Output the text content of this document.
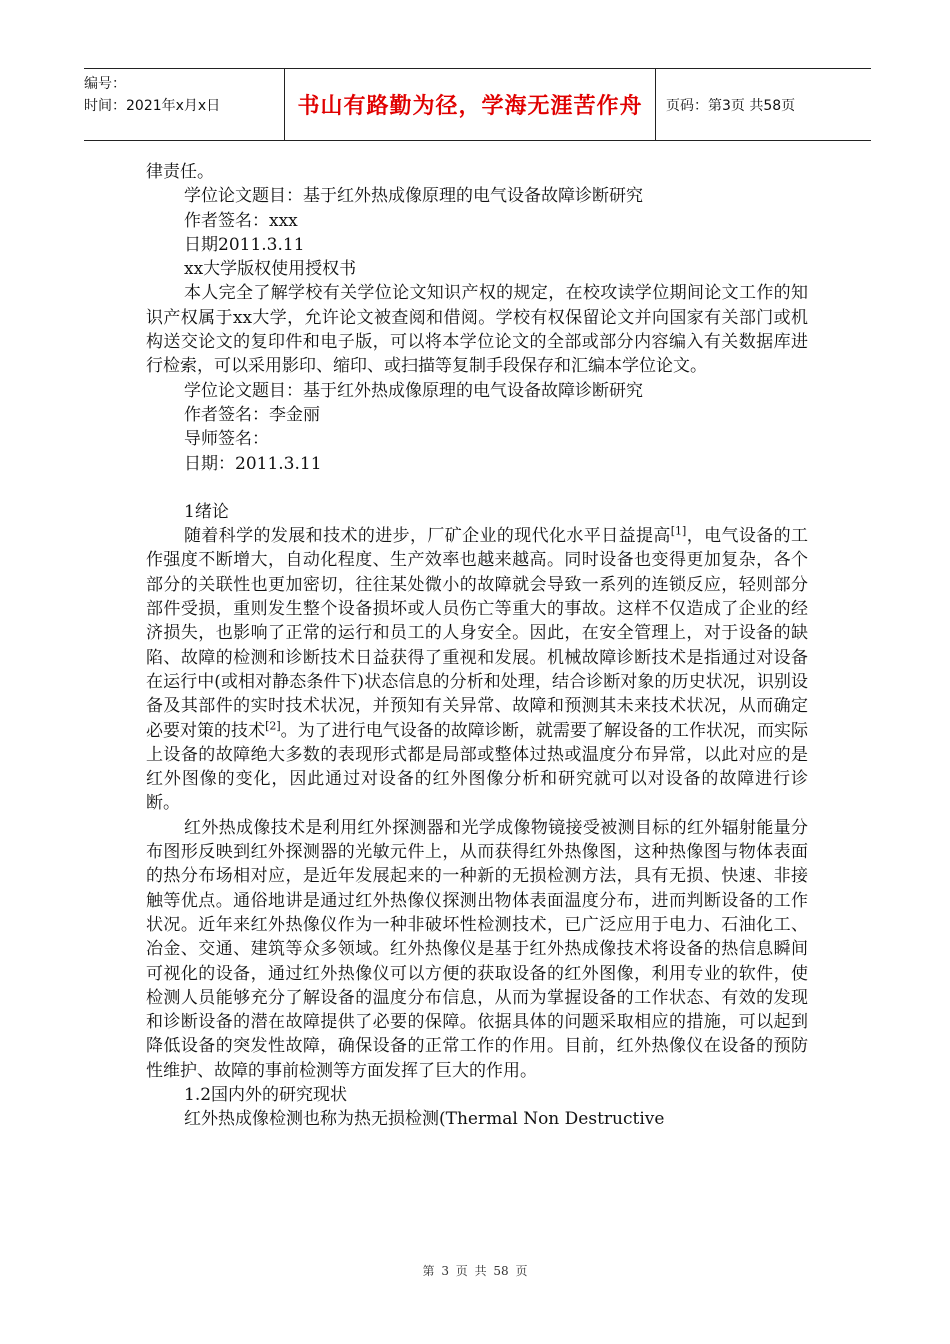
编号：
时间：2021年x月x日	书山有路勤为径，学海无涯苦作舟	页码：第3页 共58页

律责任。

学位论文题目：基于红外热成像原理的电气设备故障诊断研究

作者签名：xxx

日期2011.3.11

xx大学版权使用授权书

本人完全了解学校有关学位论文知识产权的规定，在校攻读学位期间论文工作的知识产权属于xx大学，允许论文被查阅和借阅。学校有权保留论文并向国家有关部门或机构送交论文的复印件和电子版，可以将本学位论文的全部或部分内容编入有关数据库进行检索，可以采用影印、缩印、或扫描等复制手段保存和汇编本学位论文。

学位论文题目：基于红外热成像原理的电气设备故障诊断研究

作者签名：李金丽

导师签名：

日期：2011.3.11

1绪论

随着科学的发展和技术的进步，厂矿企业的现代化水平日益提高[1]，电气设备的工作强度不断增大，自动化程度、生产效率也越来越高。同时设备也变得更加复杂，各个部分的关联性也更加密切，往往某处微小的故障就会导致一系列的连锁反应，轻则部分部件受损，重则发生整个设备损坏或人员伤亡等重大的事故。这样不仅造成了企业的经济损失，也影响了正常的运行和员工的人身安全。因此，在安全管理上，对于设备的缺陷、故障的检测和诊断技术日益获得了重视和发展。机械故障诊断技术是指通过对设备在运行中(或相对静态条件下)状态信息的分析和处理，结合诊断对象的历史状况，识别设备及其部件的实时技术状况，并预知有关异常、故障和预测其未来技术状况，从而确定必要对策的技术[2]。为了进行电气设备的故障诊断，就需要了解设备的工作状况，而实际上设备的故障绝大多数的表现形式都是局部或整体过热或温度分布异常，以此对应的是红外图像的变化，因此通过对设备的红外图像分析和研究就可以对设备的故障进行诊断。

红外热成像技术是利用红外探测器和光学成像物镜接受被测目标的红外辐射能量分布图形反映到红外探测器的光敏元件上，从而获得红外热像图，这种热像图与物体表面的热分布场相对应，是近年发展起来的一种新的无损检测方法，具有无损、快速、非接触等优点。通俗地讲是通过红外热像仪探测出物体表面温度分布，进而判断设备的工作状况。近年来红外热像仪作为一种非破坏性检测技术，已广泛应用于电力、石油化工、冶金、交通、建筑等众多领域。红外热像仪是基于红外热成像技术将设备的热信息瞬间可视化的设备，通过红外热像仪可以方便的获取设备的红外图像，利用专业的软件，使检测人员能够充分了解设备的温度分布信息，从而为掌握设备的工作状态、有效的发现和诊断设备的潜在故障提供了必要的保障。依据具体的问题采取相应的措施，可以起到降低设备的突发性故障，确保设备的正常工作的作用。目前，红外热像仪在设备的预防性维护、故障的事前检测等方面发挥了巨大的作用。

1.2国内外的研究现状

红外热成像检测也称为热无损检测(Thermal Non Destructive

第 3 页 共 58 页
